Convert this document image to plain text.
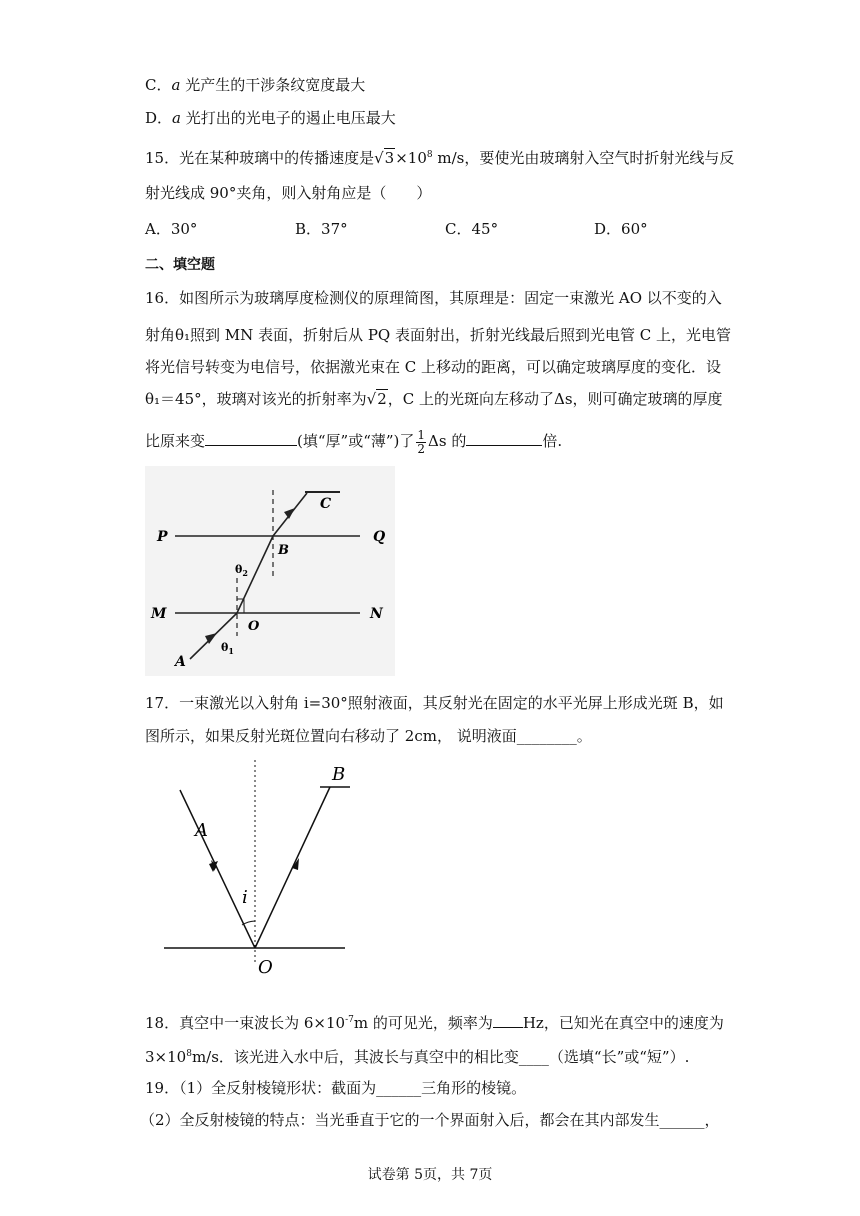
C．a 光产生的干涉条纹宽度最大
D．a 光打出的光电子的遏止电压最大
15．光在某种玻璃中的传播速度是$√3\times 10^8$ m/s，要使光由玻璃射入空气时折射光线与反
射光线成 90°夹角，则入射角应是（　　）
A．30°	B．37°	C．45°	D．60°
二、填空题
16．如图所示为玻璃厚度检测仪的原理简图，其原理是：固定一束激光 AO 以不变的入
射角θ₁照到 MN 表面，折射后从 PQ 表面射出，折射光线最后照到光电管 C 上，光电管
将光信号转变为电信号，依据激光束在 C 上移动的距离，可以确定玻璃厚度的变化．设
θ₁＝45°，玻璃对该光的折射率为√2，C 上的光斑向左移动了Δs，则可确定玻璃的厚度
比原来变	(填“厚”或“薄”)了 $\frac{1}{2}$ Δs 的	倍.
P	Q
M	N
O
B
C
A
$\theta_1$
$\theta_2$
17．一束激光以入射角 i=30°照射液面，其反射光在固定的水平光屏上形成光斑 B，如
图所示，如果反射光斑位置向右移动了 2cm， 说明液面________。
A
B
i
O
18．真空中一束波长为 $6\times 10^{-7}m$ 的可见光，频率为 Hz，已知光在真空中的速度为
$3\times 10^8m/s$．该光进入水中后，其波长与真空中的相比变____（选填“长”或“短”）.
19．（1）全反射棱镜形状：截面为______三角形的棱镜。
（2）全反射棱镜的特点：当光垂直于它的一个界面射入后，都会在其内部发生______，
试卷第 5页，共 7页
